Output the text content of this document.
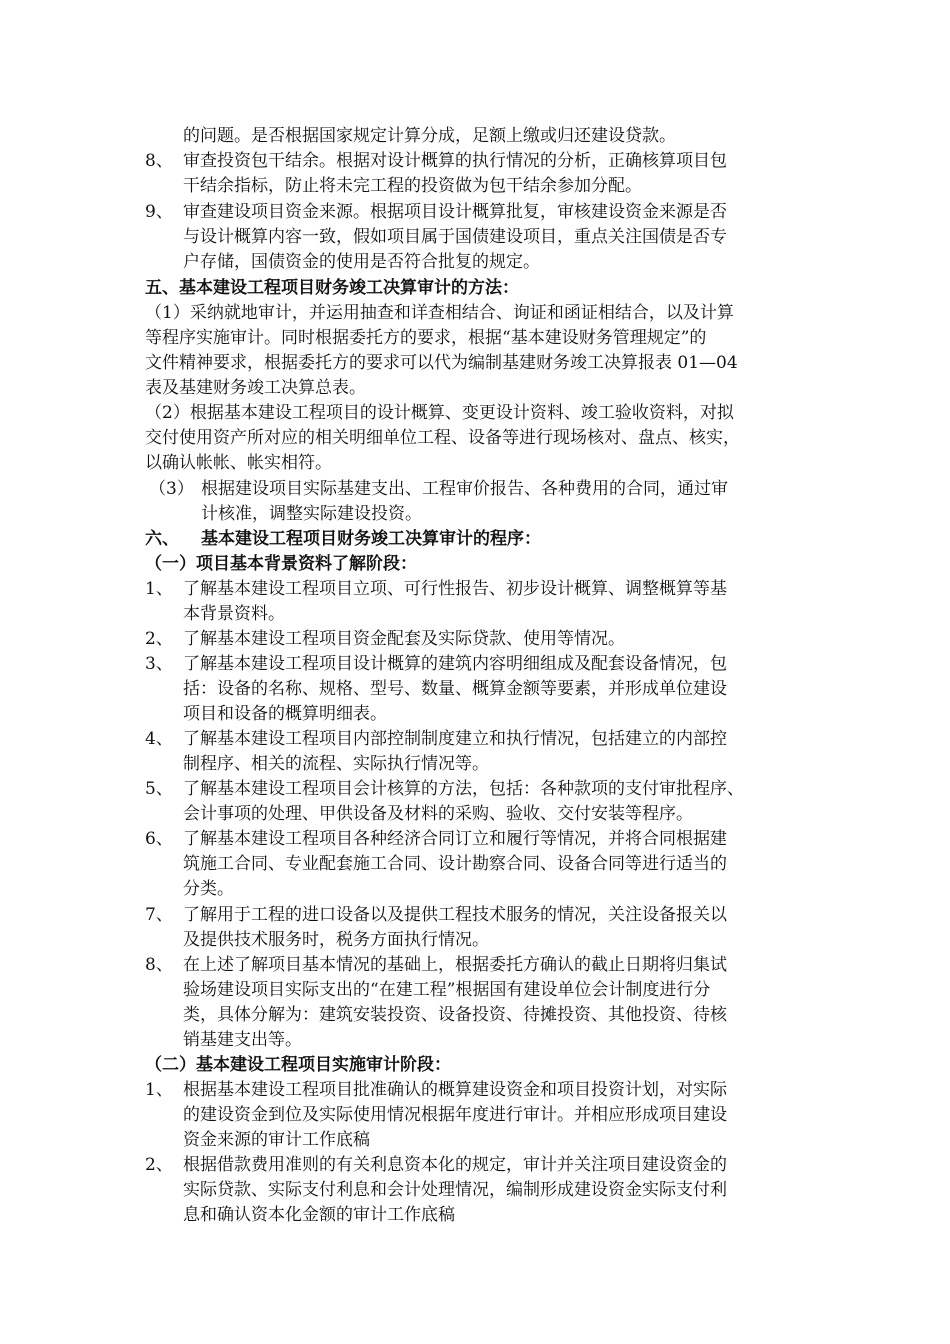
的问题。是否根据国家规定计算分成，足额上缴或归还建设贷款。
8、 审查投资包干结余。根据对设计概算的执行情况的分析，正确核算项目包
干结余指标，防止将未完工程的投资做为包干结余参加分配。
9、 审查建设项目资金来源。根据项目设计概算批复，审核建设资金来源是否
与设计概算内容一致，假如项目属于国债建设项目，重点关注国债是否专
户存储，国债资金的使用是否符合批复的规定。
五、基本建设工程项目财务竣工决算审计的方法：
（1）采纳就地审计，并运用抽查和详查相结合、询证和函证相结合，以及计算
等程序实施审计。同时根据委托方的要求，根据“基本建设财务管理规定”的
文件精神要求，根据委托方的要求可以代为编制基建财务竣工决算报表 01—04
表及基建财务竣工决算总表。
（2）根据基本建设工程项目的设计概算、变更设计资料、竣工验收资料，对拟
交付使用资产所对应的相关明细单位工程、设备等进行现场核对、盘点、核实，
以确认帐帐、帐实相符。
（3） 根据建设项目实际基建支出、工程审价报告、各种费用的合同，通过审
计核准，调整实际建设投资。
六、 基本建设工程项目财务竣工决算审计的程序：
（一）项目基本背景资料了解阶段：
1、 了解基本建设工程项目立项、可行性报告、初步设计概算、调整概算等基
本背景资料。
2、 了解基本建设工程项目资金配套及实际贷款、使用等情况。
3、 了解基本建设工程项目设计概算的建筑内容明细组成及配套设备情况，包
括：设备的名称、规格、型号、数量、概算金额等要素，并形成单位建设
项目和设备的概算明细表。
4、 了解基本建设工程项目内部控制制度建立和执行情况，包括建立的内部控
制程序、相关的流程、实际执行情况等。
5、 了解基本建设工程项目会计核算的方法，包括：各种款项的支付审批程序、
会计事项的处理、甲供设备及材料的采购、验收、交付安装等程序。
6、 了解基本建设工程项目各种经济合同订立和履行等情况，并将合同根据建
筑施工合同、专业配套施工合同、设计勘察合同、设备合同等进行适当的
分类。
7、 了解用于工程的进口设备以及提供工程技术服务的情况，关注设备报关以
及提供技术服务时，税务方面执行情况。
8、 在上述了解项目基本情况的基础上，根据委托方确认的截止日期将归集试
验场建设项目实际支出的“在建工程”根据国有建设单位会计制度进行分
类，具体分解为：建筑安装投资、设备投资、待摊投资、其他投资、待核
销基建支出等。
（二）基本建设工程项目实施审计阶段：
1、 根据基本建设工程项目批准确认的概算建设资金和项目投资计划，对实际
的建设资金到位及实际使用情况根据年度进行审计。并相应形成项目建设
资金来源的审计工作底稿
2、 根据借款费用准则的有关利息资本化的规定，审计并关注项目建设资金的
实际贷款、实际支付利息和会计处理情况，编制形成建设资金实际支付利
息和确认资本化金额的审计工作底稿
